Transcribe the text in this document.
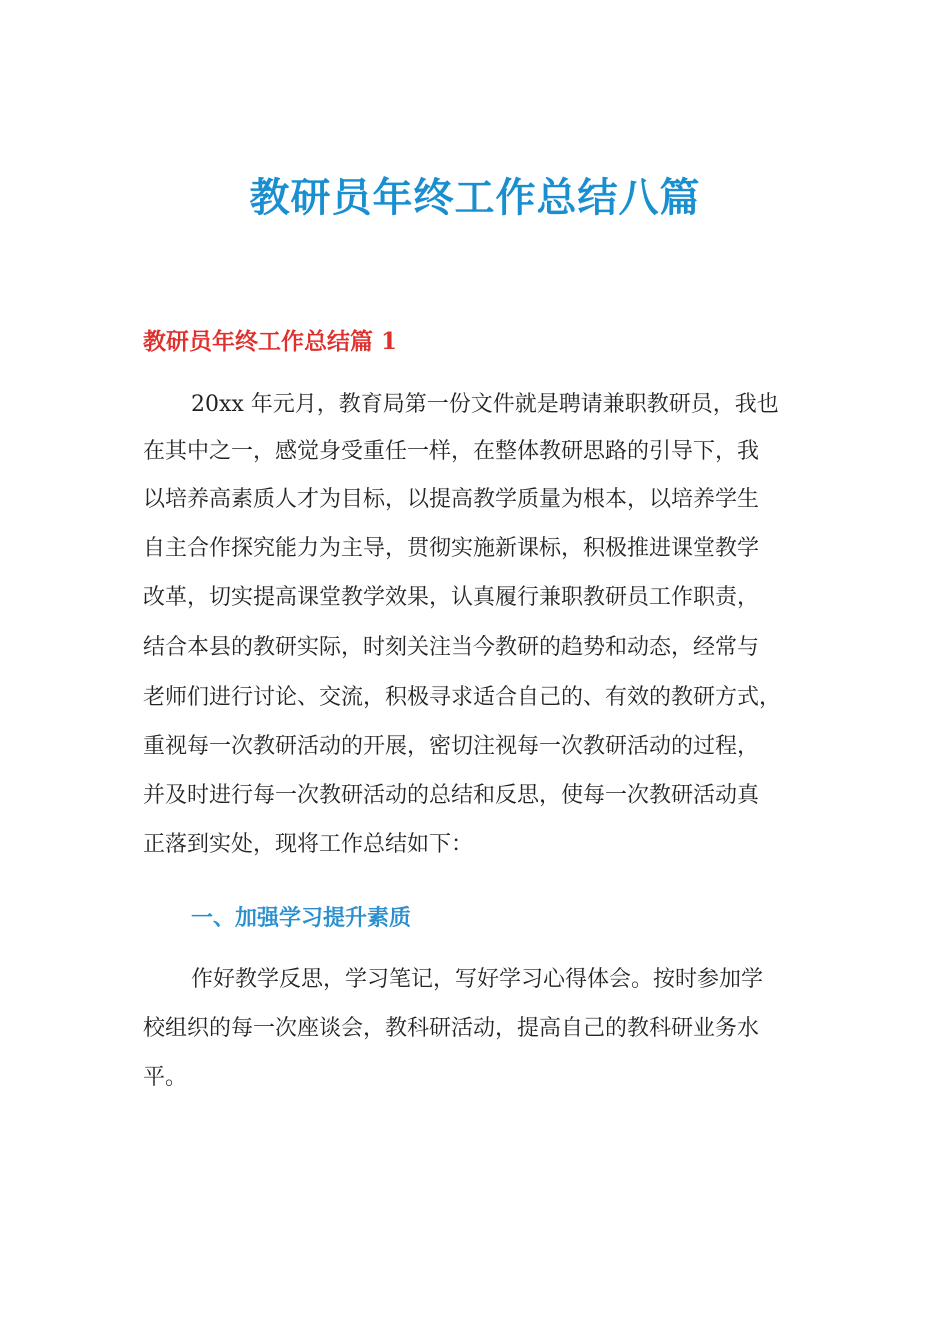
教研员年终工作总结八篇
教研员年终工作总结篇 1

20xx 年元月，教育局第一份文件就是聘请兼职教研员，我也

在其中之一，感觉身受重任一样，在整体教研思路的引导下，我

以培养高素质人才为目标，以提高教学质量为根本，以培养学生

自主合作探究能力为主导，贯彻实施新课标，积极推进课堂教学

改革，切实提高课堂教学效果，认真履行兼职教研员工作职责，

结合本县的教研实际，时刻关注当今教研的趋势和动态，经常与

老师们进行讨论、交流，积极寻求适合自己的、有效的教研方式，

重视每一次教研活动的开展，密切注视每一次教研活动的过程，

并及时进行每一次教研活动的总结和反思，使每一次教研活动真

正落到实处，现将工作总结如下：

一、加强学习提升素质

作好教学反思，学习笔记，写好学习心得体会。按时参加学

校组织的每一次座谈会，教科研活动，提高自己的教科研业务水

平。
